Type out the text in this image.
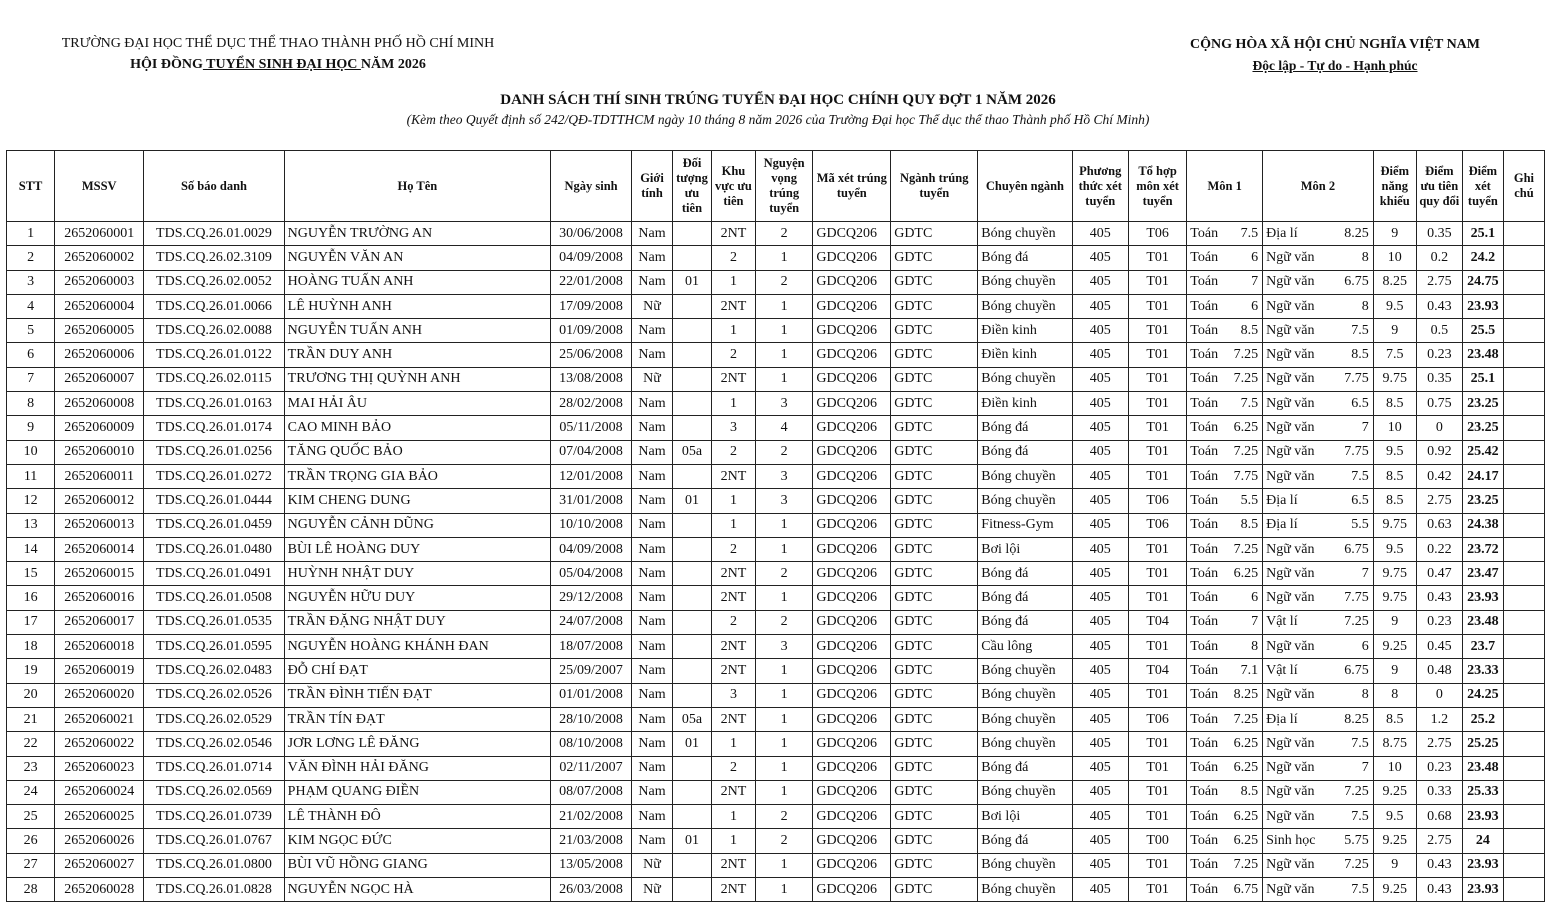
TRƯỜNG ĐẠI HỌC THỂ DỤC THỂ THAO THÀNH PHỐ HỒ CHÍ MINH
HỘI ĐỒNG TUYỂN SINH ĐẠI HỌC NĂM 2026
CỘNG HÒA XÃ HỘI CHỦ NGHĨA VIỆT NAM
Độc lập - Tự do - Hạnh phúc
DANH SÁCH THÍ SINH TRÚNG TUYỂN ĐẠI HỌC CHÍNH QUY ĐỢT 1 NĂM 2026
(Kèm theo Quyết định số 242/QĐ-TDTTHCM ngày 10 tháng 8 năm 2026 của Trường Đại học Thể dục thể thao Thành phố Hồ Chí Minh)
STT	MSSV	Số báo danh	Họ Tên	Ngày sinh	Giới tính	Đối tượng ưu tiên	Khu vực ưu tiên	Nguyện vọng trúng tuyển	Mã xét trúng tuyển	Ngành trúng tuyển	Chuyên ngành	Phương thức xét tuyển	Tổ hợp môn xét tuyển	Môn 1		Môn 2		Điểm năng khiếu	Điểm ưu tiên quy đổi	Điểm xét tuyển	Ghi chú
1	2652060001	TDS.CQ.26.01.0029	NGUYỄN TRƯỜNG AN	30/06/2008	Nam		2NT	2	GDCQ206	GDTC	Bóng chuyền	405	T06	Toán	7.5	Địa lí	8.25	9	0.35	25.1	
2	2652060002	TDS.CQ.26.02.3109	NGUYỄN VĂN AN	04/09/2008	Nam		2	1	GDCQ206	GDTC	Bóng đá	405	T01	Toán	6	Ngữ văn	8	10	0.2	24.2	
3	2652060003	TDS.CQ.26.02.0052	HOÀNG TUẤN ANH	22/01/2008	Nam	01	1	2	GDCQ206	GDTC	Bóng chuyền	405	T01	Toán	7	Ngữ văn	6.75	8.25	2.75	24.75	
4	2652060004	TDS.CQ.26.01.0066	LÊ HUỲNH ANH	17/09/2008	Nữ		2NT	1	GDCQ206	GDTC	Bóng chuyền	405	T01	Toán	6	Ngữ văn	8	9.5	0.43	23.93	
5	2652060005	TDS.CQ.26.02.0088	NGUYỄN TUẤN ANH	01/09/2008	Nam		1	1	GDCQ206	GDTC	Điền kinh	405	T01	Toán	8.5	Ngữ văn	7.5	9	0.5	25.5	
6	2652060006	TDS.CQ.26.01.0122	TRẦN DUY ANH	25/06/2008	Nam		2	1	GDCQ206	GDTC	Điền kinh	405	T01	Toán	7.25	Ngữ văn	8.5	7.5	0.23	23.48	
7	2652060007	TDS.CQ.26.02.0115	TRƯƠNG THỊ QUỲNH ANH	13/08/2008	Nữ		2NT	1	GDCQ206	GDTC	Bóng chuyền	405	T01	Toán	7.25	Ngữ văn	7.75	9.75	0.35	25.1	
8	2652060008	TDS.CQ.26.01.0163	MAI HẢI ÂU	28/02/2008	Nam		1	3	GDCQ206	GDTC	Điền kinh	405	T01	Toán	7.5	Ngữ văn	6.5	8.5	0.75	23.25	
9	2652060009	TDS.CQ.26.01.0174	CAO MINH BẢO	05/11/2008	Nam		3	4	GDCQ206	GDTC	Bóng đá	405	T01	Toán	6.25	Ngữ văn	7	10	0	23.25	
10	2652060010	TDS.CQ.26.01.0256	TĂNG QUỐC BẢO	07/04/2008	Nam	05a	2	2	GDCQ206	GDTC	Bóng đá	405	T01	Toán	7.25	Ngữ văn	7.75	9.5	0.92	25.42	
11	2652060011	TDS.CQ.26.01.0272	TRẦN TRỌNG GIA BẢO	12/01/2008	Nam		2NT	3	GDCQ206	GDTC	Bóng chuyền	405	T01	Toán	7.75	Ngữ văn	7.5	8.5	0.42	24.17	
12	2652060012	TDS.CQ.26.01.0444	KIM CHENG DUNG	31/01/2008	Nam	01	1	3	GDCQ206	GDTC	Bóng chuyền	405	T06	Toán	5.5	Địa lí	6.5	8.5	2.75	23.25	
13	2652060013	TDS.CQ.26.01.0459	NGUYỄN CẢNH DŨNG	10/10/2008	Nam		1	1	GDCQ206	GDTC	Fitness-Gym	405	T06	Toán	8.5	Địa lí	5.5	9.75	0.63	24.38	
14	2652060014	TDS.CQ.26.01.0480	BÙI LÊ HOÀNG DUY	04/09/2008	Nam		2	1	GDCQ206	GDTC	Bơi lội	405	T01	Toán	7.25	Ngữ văn	6.75	9.5	0.22	23.72	
15	2652060015	TDS.CQ.26.01.0491	HUỲNH NHẬT DUY	05/04/2008	Nam		2NT	2	GDCQ206	GDTC	Bóng đá	405	T01	Toán	6.25	Ngữ văn	7	9.75	0.47	23.47	
16	2652060016	TDS.CQ.26.01.0508	NGUYỄN HỮU DUY	29/12/2008	Nam		2NT	1	GDCQ206	GDTC	Bóng đá	405	T01	Toán	6	Ngữ văn	7.75	9.75	0.43	23.93	
17	2652060017	TDS.CQ.26.01.0535	TRẦN ĐẶNG NHẬT DUY	24/07/2008	Nam		2	2	GDCQ206	GDTC	Bóng đá	405	T04	Toán	7	Vật lí	7.25	9	0.23	23.48	
18	2652060018	TDS.CQ.26.01.0595	NGUYỄN HOÀNG KHÁNH ĐAN	18/07/2008	Nam		2NT	3	GDCQ206	GDTC	Cầu lông	405	T01	Toán	8	Ngữ văn	6	9.25	0.45	23.7	
19	2652060019	TDS.CQ.26.02.0483	ĐỖ CHÍ ĐẠT	25/09/2007	Nam		2NT	1	GDCQ206	GDTC	Bóng chuyền	405	T04	Toán	7.1	Vật lí	6.75	9	0.48	23.33	
20	2652060020	TDS.CQ.26.02.0526	TRẦN ĐÌNH TIẾN ĐẠT	01/01/2008	Nam		3	1	GDCQ206	GDTC	Bóng chuyền	405	T01	Toán	8.25	Ngữ văn	8	8	0	24.25	
21	2652060021	TDS.CQ.26.02.0529	TRẦN TÍN ĐẠT	28/10/2008	Nam	05a	2NT	1	GDCQ206	GDTC	Bóng chuyền	405	T06	Toán	7.25	Địa lí	8.25	8.5	1.2	25.2	
22	2652060022	TDS.CQ.26.02.0546	JƠR LƠNG LÊ ĐĂNG	08/10/2008	Nam	01	1	1	GDCQ206	GDTC	Bóng chuyền	405	T01	Toán	6.25	Ngữ văn	7.5	8.75	2.75	25.25	
23	2652060023	TDS.CQ.26.01.0714	VĂN ĐÌNH HẢI ĐĂNG	02/11/2007	Nam		2	1	GDCQ206	GDTC	Bóng đá	405	T01	Toán	6.25	Ngữ văn	7	10	0.23	23.48	
24	2652060024	TDS.CQ.26.02.0569	PHẠM QUANG ĐIỀN	08/07/2008	Nam		2NT	1	GDCQ206	GDTC	Bóng chuyền	405	T01	Toán	8.5	Ngữ văn	7.25	9.25	0.33	25.33	
25	2652060025	TDS.CQ.26.01.0739	LÊ THÀNH ĐÔ	21/02/2008	Nam		1	2	GDCQ206	GDTC	Bơi lội	405	T01	Toán	6.25	Ngữ văn	7.5	9.5	0.68	23.93	
26	2652060026	TDS.CQ.26.01.0767	KIM NGỌC ĐỨC	21/03/2008	Nam	01	1	2	GDCQ206	GDTC	Bóng đá	405	T00	Toán	6.25	Sinh học	5.75	9.25	2.75	24	
27	2652060027	TDS.CQ.26.01.0800	BÙI VŨ HỒNG GIANG	13/05/2008	Nữ		2NT	1	GDCQ206	GDTC	Bóng chuyền	405	T01	Toán	7.25	Ngữ văn	7.25	9	0.43	23.93	
28	2652060028	TDS.CQ.26.01.0828	NGUYỄN NGỌC HÀ	26/03/2008	Nữ		2NT	1	GDCQ206	GDTC	Bóng chuyền	405	T01	Toán	6.75	Ngữ văn	7.5	9.25	0.43	23.93	
